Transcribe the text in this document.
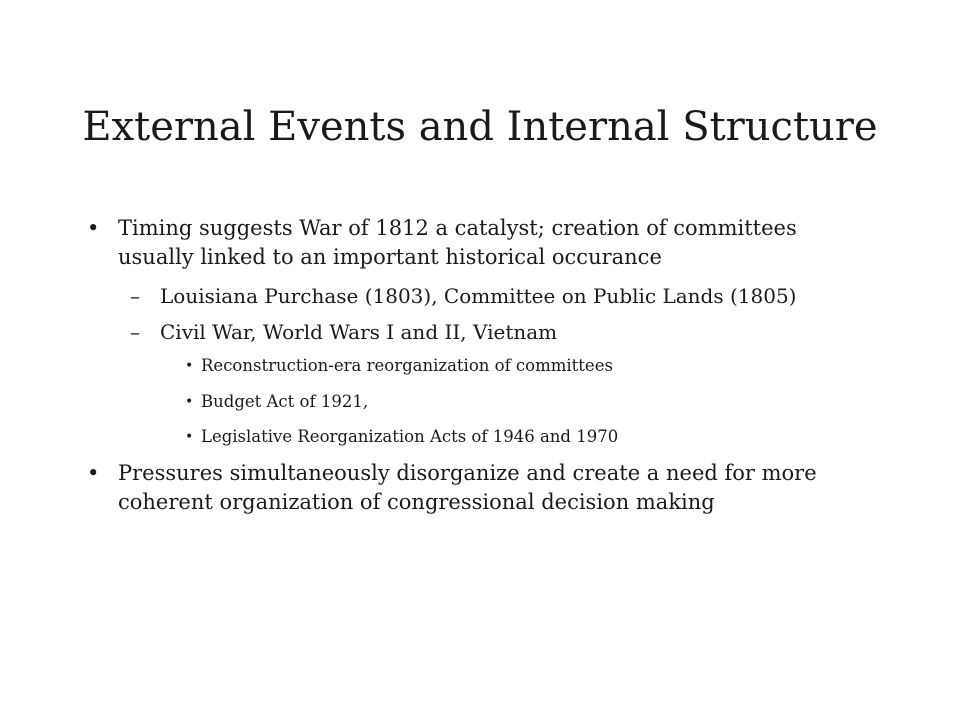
External Events and Internal Structure
• Timing suggests War of 1812 a catalyst; creation of committees usually linked to an important historical occurance
– Louisiana Purchase (1803), Committee on Public Lands (1805)
– Civil War, World Wars I and II, Vietnam
• Reconstruction-era reorganization of committees
• Budget Act of 1921,
• Legislative Reorganization Acts of 1946 and 1970
• Pressures simultaneously disorganize and create a need for more coherent organization of congressional decision making
